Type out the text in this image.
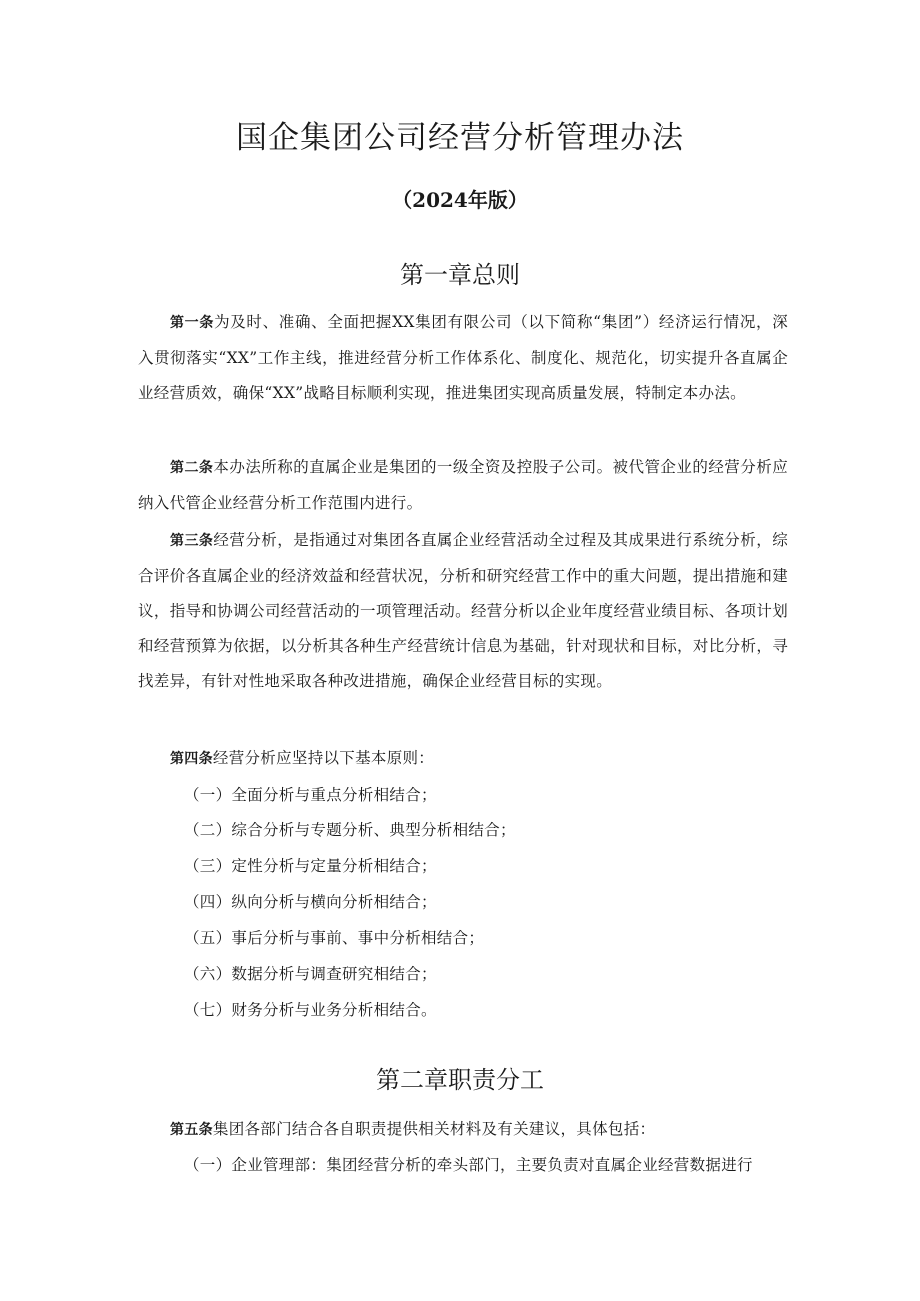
国企集团公司经营分析管理办法
（2024年版）
第一章总则

第一条为及时、准确、全面把握XX集团有限公司（以下简称“集团”）经济运行情况，深入贯彻落实“XX”工作主线，推进经营分析工作体系化、制度化、规范化，切实提升各直属企业经营质效，确保“XX”战略目标顺利实现，推进集团实现高质量发展，特制定本办法。

第二条本办法所称的直属企业是集团的一级全资及控股子公司。被代管企业的经营分析应纳入代管企业经营分析工作范围内进行。

第三条经营分析，是指通过对集团各直属企业经营活动全过程及其成果进行系统分析，综合评价各直属企业的经济效益和经营状况，分析和研究经营工作中的重大问题，提出措施和建议，指导和协调公司经营活动的一项管理活动。经营分析以企业年度经营业绩目标、各项计划和经营预算为依据，以分析其各种生产经营统计信息为基础，针对现状和目标，对比分析，寻找差异，有针对性地采取各种改进措施，确保企业经营目标的实现。

第四条经营分析应坚持以下基本原则：

（一）全面分析与重点分析相结合；

（二）综合分析与专题分析、典型分析相结合；

（三）定性分析与定量分析相结合；

（四）纵向分析与横向分析相结合；

（五）事后分析与事前、事中分析相结合；

（六）数据分析与调查研究相结合；

（七）财务分析与业务分析相结合。

第二章职责分工

第五条集团各部门结合各自职责提供相关材料及有关建议，具体包括：

（一）企业管理部：集团经营分析的牵头部门，主要负责对直属企业经营数据进行
